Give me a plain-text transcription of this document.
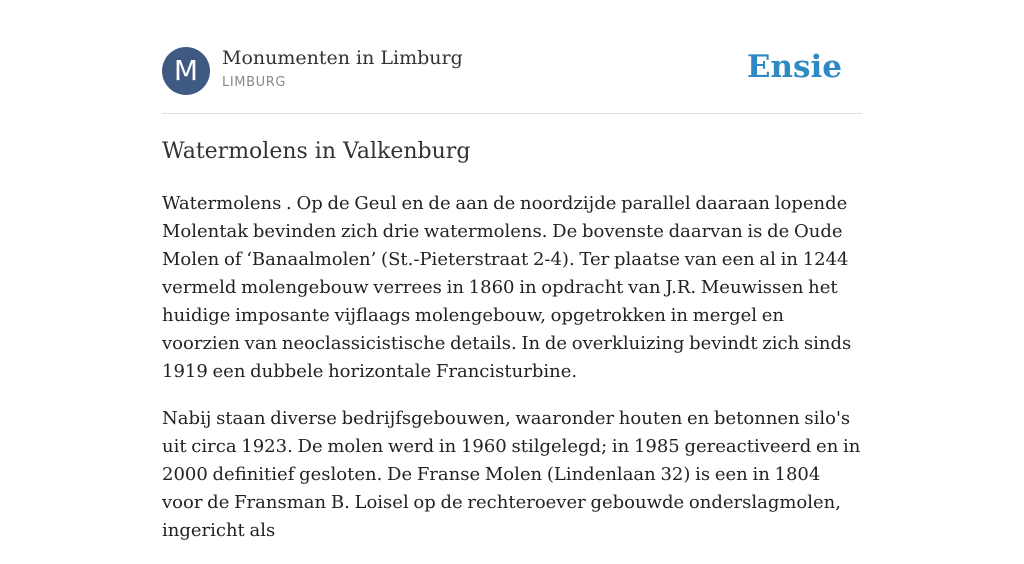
M	Monumenten in Limburg
LIMBURG	Ensie
Watermolens in Valkenburg

Watermolens . Op de Geul en de aan de noordzijde parallel daaraan lopende Molentak bevinden zich drie watermolens. De bovenste daarvan is de Oude Molen of ‘Banaalmolen’ (St.-Pieterstraat 2-4). Ter plaatse van een al in 1244 vermeld molengebouw verrees in 1860 in opdracht van J.R. Meuwissen het huidige imposante vijflaags molengebouw, opgetrokken in mergel en voorzien van neoclassicistische details. In de overkluizing bevindt zich sinds 1919 een dubbele horizontale Francisturbine.

Nabij staan diverse bedrijfsgebouwen, waaronder houten en betonnen silo's uit circa 1923. De molen werd in 1960 stilgelegd; in 1985 gereactiveerd en in 2000 definitief gesloten. De Franse Molen (Lindenlaan 32) is een in 1804 voor de Fransman B. Loisel op de rechteroever gebouwde onderslagmolen, ingericht als
